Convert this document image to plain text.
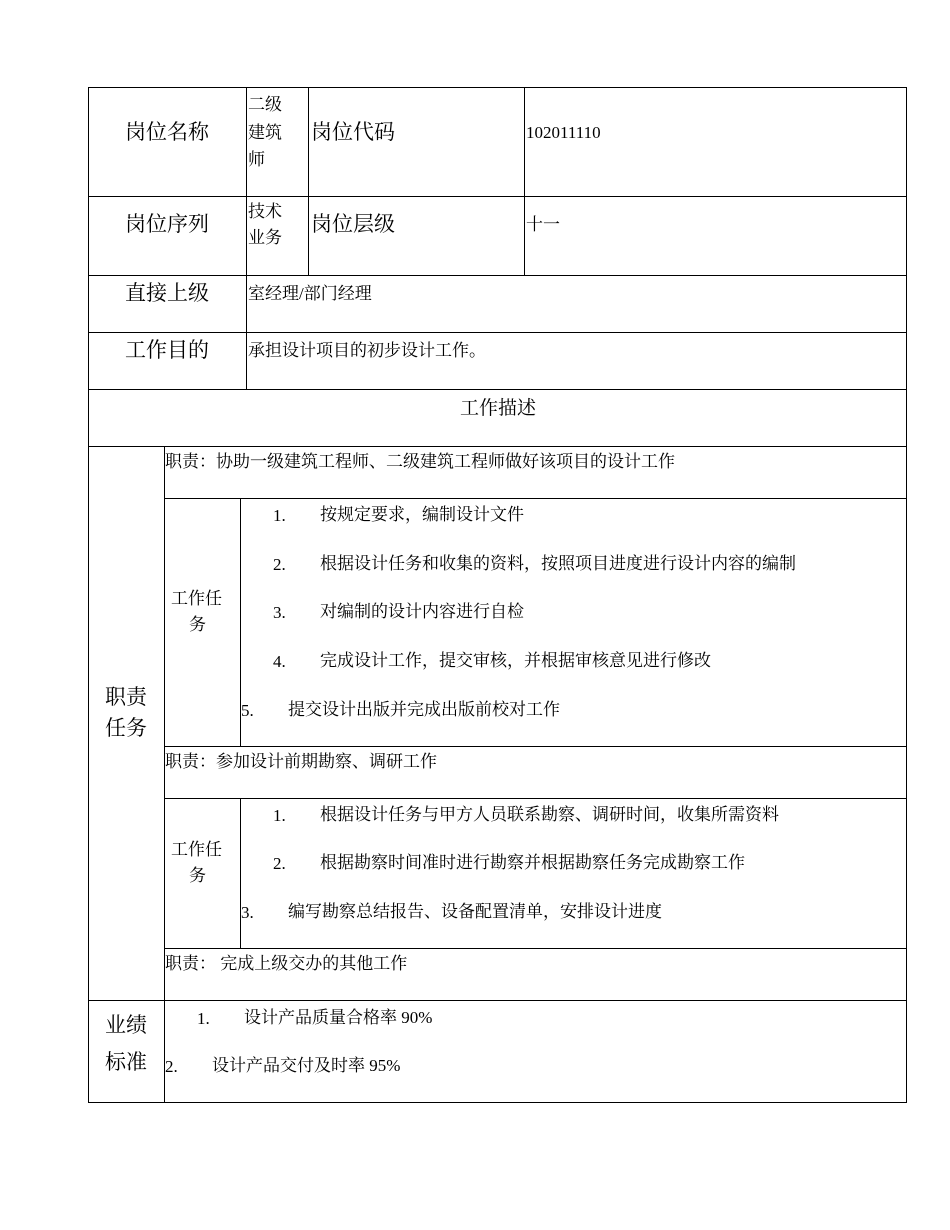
岗位名称
二级
建筑
师
岗位代码	102011110
岗位序列
技术
业务
岗位层级	十一
直接上级 室经理/部门经理
工作目的 承担设计项目的初步设计工作。
工作描述
职责
任务
职责：协助一级建筑工程师、二级建筑工程师做好该项目的设计工作
工作任
务
1. 按规定要求，编制设计文件
2. 根据设计任务和收集的资料，按照项目进度进行设计内容的编制
3. 对编制的设计内容进行自检
4. 完成设计工作，提交审核，并根据审核意见进行修改
5. 提交设计出版并完成出版前校对工作
职责：参加设计前期勘察、调研工作
工作任
务
1. 根据设计任务与甲方人员联系勘察、调研时间，收集所需资料
2. 根据勘察时间准时进行勘察并根据勘察任务完成勘察工作
3. 编写勘察总结报告、设备配置清单，安排设计进度
职责： 完成上级交办的其他工作
业绩
标准
1. 设计产品质量合格率 90%
2. 设计产品交付及时率 95%
